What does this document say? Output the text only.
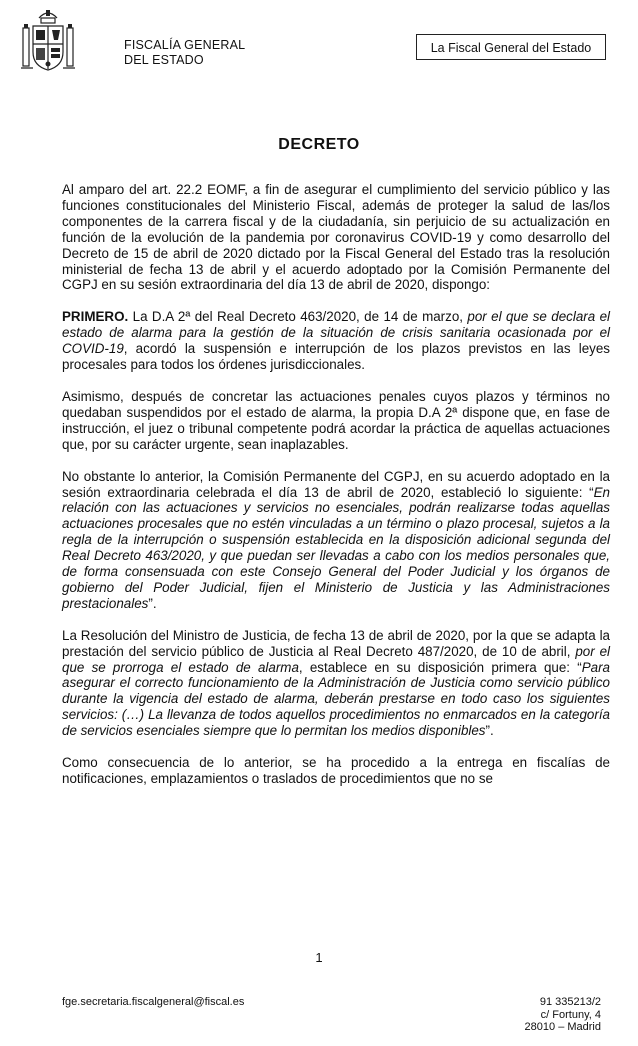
FISCALÍA GENERAL
DEL ESTADO
La Fiscal General del Estado
DECRETO

Al amparo del art. 22.2 EOMF, a fin de asegurar el cumplimiento del servicio público y las funciones constitucionales del Ministerio Fiscal, además de proteger la salud de las/los componentes de la carrera fiscal y de la ciudadanía, sin perjuicio de su actualización en función de la evolución de la pandemia por coronavirus COVID-19 y como desarrollo del Decreto de 15 de abril de 2020 dictado por la Fiscal General del Estado tras la resolución ministerial de fecha 13 de abril y el acuerdo adoptado por la Comisión Permanente del CGPJ en su sesión extraordinaria del día 13 de abril de 2020, dispongo:

PRIMERO. La D.A 2ª del Real Decreto 463/2020, de 14 de marzo, por el que se declara el estado de alarma para la gestión de la situación de crisis sanitaria ocasionada por el COVID-19, acordó la suspensión e interrupción de los plazos previstos en las leyes procesales para todos los órdenes jurisdiccionales.

Asimismo, después de concretar las actuaciones penales cuyos plazos y términos no quedaban suspendidos por el estado de alarma, la propia D.A 2ª dispone que, en fase de instrucción, el juez o tribunal competente podrá acordar la práctica de aquellas actuaciones que, por su carácter urgente, sean inaplazables.

No obstante lo anterior, la Comisión Permanente del CGPJ, en su acuerdo adoptado en la sesión extraordinaria celebrada el día 13 de abril de 2020, estableció lo siguiente: “En relación con las actuaciones y servicios no esenciales, podrán realizarse todas aquellas actuaciones procesales que no estén vinculadas a un término o plazo procesal, sujetos a la regla de la interrupción o suspensión establecida en la disposición adicional segunda del Real Decreto 463/2020, y que puedan ser llevadas a cabo con los medios personales que, de forma consensuada con este Consejo General del Poder Judicial y los órganos de gobierno del Poder Judicial, fijen el Ministerio de Justicia y las Administraciones prestacionales”.

La Resolución del Ministro de Justicia, de fecha 13 de abril de 2020, por la que se adapta la prestación del servicio público de Justicia al Real Decreto 487/2020, de 10 de abril, por el que se prorroga el estado de alarma, establece en su disposición primera que: “Para asegurar el correcto funcionamiento de la Administración de Justicia como servicio público durante la vigencia del estado de alarma, deberán prestarse en todo caso los siguientes servicios: (…) La llevanza de todos aquellos procedimientos no enmarcados en la categoría de servicios esenciales siempre que lo permitan los medios disponibles”.

Como consecuencia de lo anterior, se ha procedido a la entrega en fiscalías de notificaciones, emplazamientos o traslados de procedimientos que no se

1
fge.secretaria.fiscalgeneral@fiscal.es	91 335213/2
c/ Fortuny, 4
28010 – Madrid
